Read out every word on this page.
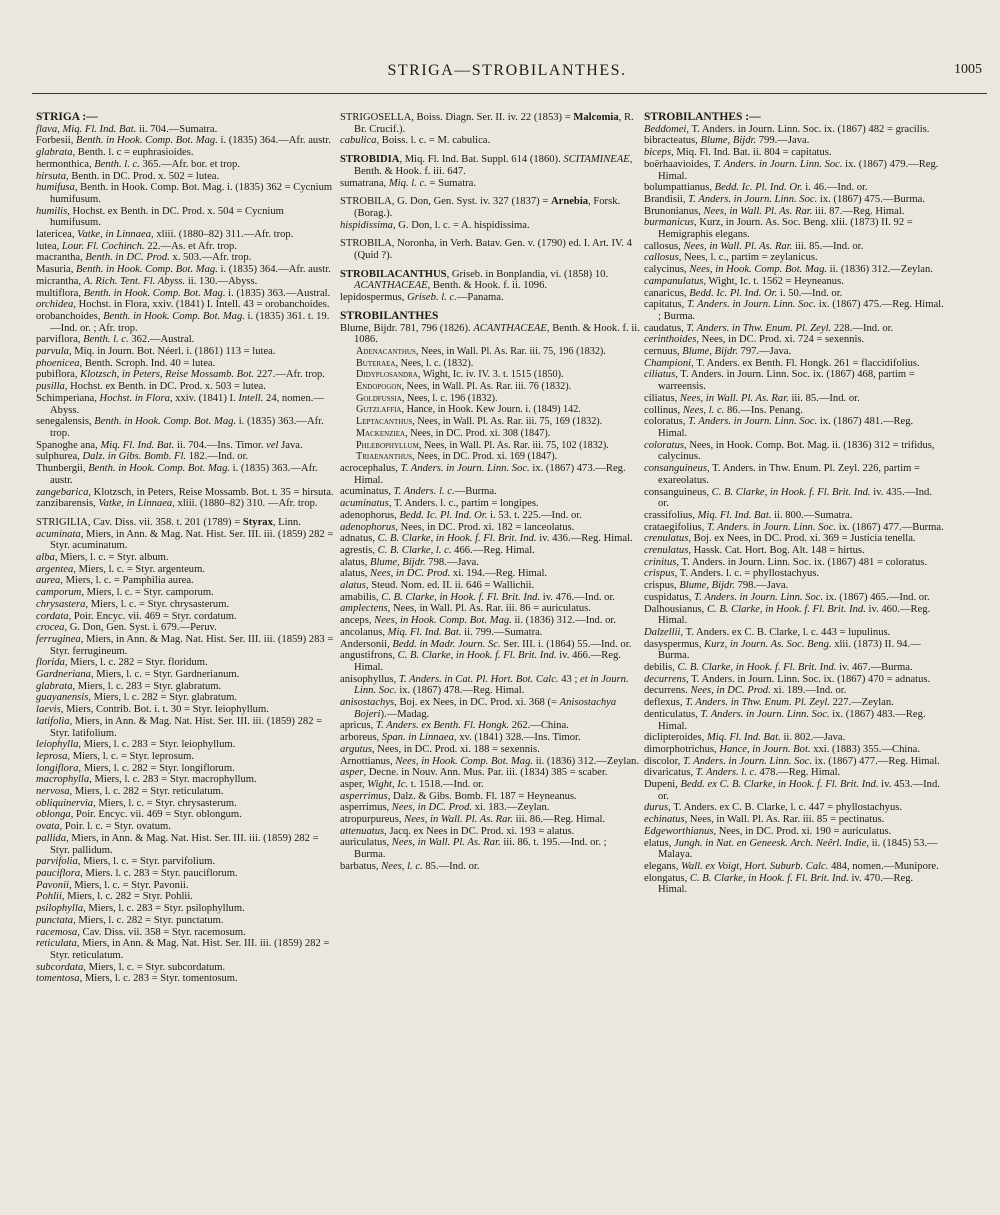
STRIGA—STROBILANTHES.	1005

STRIGA :—

flava, Miq. Fl. Ind. Bat. ii. 704.—Sumatra.

Forbesii, Benth. in Hook. Comp. Bot. Mag. i. (1835) 364.—Afr. austr.

glabrata, Benth. l. c = euphrasioides.

hermonthica, Benth. l. c. 365.—Afr. bor. et trop.

hirsuta, Benth. in DC. Prod. x. 502 = lutea.

humifusa, Benth. in Hook. Comp. Bot. Mag. i. (1835) 362 = Cycnium humifusum.

humilis, Hochst. ex Benth. in DC. Prod. x. 504 = Cycnium humifusum.

latericea, Vatke, in Linnaea, xliii. (1880–82) 311.—Afr. trop.

lutea, Lour. Fl. Cochinch. 22.—As. et Afr. trop.

macrantha, Benth. in DC. Prod. x. 503.—Afr. trop.

Masuria, Benth. in Hook. Comp. Bot. Mag. i. (1835) 364.—Afr. austr.

micrantha, A. Rich. Tent. Fl. Abyss. ii. 130.—Abyss.

multiflora, Benth. in Hook. Comp. Bot. Mag. i. (1835) 363.—Austral.

orchidea, Hochst. in Flora, xxiv. (1841) I. Intell. 43 = orobanchoides.

orobanchoides, Benth. in Hook. Comp. Bot. Mag. i. (1835) 361. t. 19.—Ind. or. ; Afr. trop.

parviflora, Benth. l. c. 362.—Austral.

parvula, Miq. in Journ. Bot. Néerl. i. (1861) 113 = lutea.

phoenicea, Benth. Scroph. Ind. 40 = lutea.

pubiflora, Klotzsch, in Peters, Reise Mossamb. Bot. 227.—Afr. trop.

pusilla, Hochst. ex Benth. in DC. Prod. x. 503 = lutea.

Schimperiana, Hochst. in Flora, xxiv. (1841) I. Intell. 24, nomen.—Abyss.

senegalensis, Benth. in Hook. Comp. Bot. Mag. i. (1835) 363.—Afr. trop.

Spanoghe ana, Miq. Fl. Ind. Bat. ii. 704.—Ins. Timor. vel Java.

sulphurea, Dalz. in Gibs. Bomb. Fl. 182.—Ind. or.

Thunbergii, Benth. in Hook. Comp. Bot. Mag. i. (1835) 363.—Afr. austr.

zangebarica, Klotzsch, in Peters, Reise Mossamb. Bot. t. 35 = hirsuta.

zanzibarensis, Vatke, in Linnaea, xliii. (1880–82) 310. —Afr. trop.

STRIGILIA, Cav. Diss. vii. 358. t. 201 (1789) = Styrax, Linn.

acuminata, Miers, in Ann. & Mag. Nat. Hist. Ser. III. iii. (1859) 282 = Styr. acuminatum.

alba, Miers, l. c. = Styr. album.

argentea, Miers, l. c. = Styr. argenteum.

aurea, Miers, l. c. = Pamphilia aurea.

camporum, Miers, l. c. = Styr. camporum.

chrysastera, Miers, l. c. = Styr. chrysasterum.

cordata, Poir. Encyc. vii. 469 = Styr. cordatum.

crocea, G. Don, Gen. Syst. i. 679.—Peruv.

ferruginea, Miers, in Ann. & Mag. Nat. Hist. Ser. III. iii. (1859) 283 = Styr. ferrugineum.

florida, Miers, l. c. 282 = Styr. floridum.

Gardneriana, Miers, l. c. = Styr. Gardnerianum.

glabrata, Miers, l. c. 283 = Styr. glabratum.

guayanensis, Miers, l. c. 282 = Styr. glabratum.

laevis, Miers, Contrib. Bot. i. t. 30 = Styr. leiophyllum.

latifolia, Miers, in Ann. & Mag. Nat. Hist. Ser. III. iii. (1859) 282 = Styr. latifolium.

leiophylla, Miers, l. c. 283 = Styr. leiophyllum.

leprosa, Miers, l. c. = Styr. leprosum.

longiflora, Miers, l. c. 282 = Styr. longiflorum.

macrophylla, Miers, l. c. 283 = Styr. macrophyllum.

nervosa, Miers, l. c. 282 = Styr. reticulatum.

obliquinervia, Miers, l. c. = Styr. chrysasterum.

oblonga, Poir. Encyc. vii. 469 = Styr. oblongum.

ovata, Poir. l. c. = Styr. ovatum.

pallida, Miers, in Ann. & Mag. Nat. Hist. Ser. III. iii. (1859) 282 = Styr. pallidum.

parvifolia, Miers, l. c. = Styr. parvifolium.

pauciflora, Miers. l. c. 283 = Styr. pauciflorum.

Pavonii, Miers, l. c. = Styr. Pavonii.

Pohlii, Miers, l. c. 282 = Styr. Pohlii.

psilophylla, Miers, l. c. 283 = Styr. psilophyllum.

punctata, Miers, l. c. 282 = Styr. punctatum.

racemosa, Cav. Diss. vii. 358 = Styr. racemosum.

reticulata, Miers, in Ann. & Mag. Nat. Hist. Ser. III. iii. (1859) 282 = Styr. reticulatum.

subcordata, Miers, l. c. = Styr. subcordatum.

tomentosa, Miers, l. c. 283 = Styr. tomentosum.

STRIGOSELLA, Boiss. Diagn. Ser. II. iv. 22 (1853) = Malcomia, R. Br. Crucif.).

cabulica, Boiss. l. c. = M. cabulica.

STROBIDIA, Miq. Fl. Ind. Bat. Suppl. 614 (1860). SCITAMINEAE, Benth. & Hook. f. iii. 647.

sumatrana, Miq. l. c. = Sumatra.

STROBILA, G. Don, Gen. Syst. iv. 327 (1837) = Arnebia, Forsk. (Borag.).

hispidissima, G. Don, l. c. = A. hispidissima.

STROBILA, Noronha, in Verh. Batav. Gen. v. (1790) ed. I. Art. IV. 4 (Quid ?).

STROBILACANTHUS, Griseb. in Bonplandia, vi. (1858) 10. ACANTHACEAE, Benth. & Hook. f. ii. 1096.

lepidospermus, Griseb. l. c.—Panama.

STROBILANTHES

Blume, Bijdr. 781, 796 (1826). ACANTHACEAE, Benth. & Hook. f. ii. 1086.

Adenacanthus, Nees, in Wall. Pl. As. Rar. iii. 75, 196 (1832).

Buteraea, Nees, l. c. (1832).

Didyplosandra, Wight, Ic. iv. IV. 3. t. 1515 (1850).

Endopogon, Nees, in Wall. Pl. As. Rar. iii. 76 (1832).

Goldfussia, Nees, l. c. 196 (1832).

Gutzlaffia, Hance, in Hook. Kew Journ. i. (1849) 142.

Leptacanthus, Nees, in Wall. Pl. As. Rar. iii. 75, 169 (1832).

Mackenziea, Nees, in DC. Prod. xi. 308 (1847).

Phlebophyllum, Nees, in Wall. Pl. As. Rar. iii. 75, 102 (1832).

Triaenanthus, Nees, in DC. Prod. xi. 169 (1847).

acrocephalus, T. Anders. in Journ. Linn. Soc. ix. (1867) 473.—Reg. Himal.

acuminatus, T. Anders. l. c.—Burma.

acuminatus, T. Anders. l. c., partim = longipes.

adenophorus, Bedd. Ic. Pl. Ind. Or. i. 53. t. 225.—Ind. or.

adenophorus, Nees, in DC. Prod. xi. 182 = lanceolatus.

adnatus, C. B. Clarke, in Hook. f. Fl. Brit. Ind. iv. 436.—Reg. Himal.

agrestis, C. B. Clarke, l. c. 466.—Reg. Himal.

alatus, Blume, Bijdr. 798.—Java.

alatus, Nees, in DC. Prod. xi. 194.—Reg. Himal.

alatus, Steud. Nom. ed. II. ii. 646 = Wallichii.

amabilis, C. B. Clarke, in Hook. f. Fl. Brit. Ind. iv. 476.—Ind. or.

amplectens, Nees, in Wall. Pl. As. Rar. iii. 86 = auriculatus.

anceps, Nees, in Hook. Comp. Bot. Mag. ii. (1836) 312.—Ind. or.

ancolanus, Miq. Fl. Ind. Bat. ii. 799.—Sumatra.

Andersonii, Bedd. in Madr. Journ. Sc. Ser. III. i. (1864) 55.—Ind. or.

angustifrons, C. B. Clarke, in Hook. f. Fl. Brit. Ind. iv. 466.—Reg. Himal.

anisophyllus, T. Anders. in Cat. Pl. Hort. Bot. Calc. 43 ; et in Journ. Linn. Soc. ix. (1867) 478.—Reg. Himal.

anisostachys, Boj. ex Nees, in DC. Prod. xi. 368 (= Anisostachya Bojeri).—Madag.

apricus, T. Anders. ex Benth. Fl. Hongk. 262.—China.

arboreus, Span. in Linnaea, xv. (1841) 328.—Ins. Timor.

argutus, Nees, in DC. Prod. xi. 188 = sexennis.

Arnottianus, Nees, in Hook. Comp. Bot. Mag. ii. (1836) 312.—Zeylan.

asper, Decne. in Nouv. Ann. Mus. Par. iii. (1834) 385 = scaber.

asper, Wight, Ic. t. 1518.—Ind. or.

asperrimus, Dalz. & Gibs. Bomb. Fl. 187 = Heyneanus.

asperrimus, Nees, in DC. Prod. xi. 183.—Zeylan.

atropurpureus, Nees, in Wall. Pl. As. Rar. iii. 86.—Reg. Himal.

attenuatus, Jacq. ex Nees in DC. Prod. xi. 193 = alatus.

auriculatus, Nees, in Wall. Pl. As. Rar. iii. 86. t. 195.—Ind. or. ; Burma.

barbatus, Nees, l. c. 85.—Ind. or.

STROBILANTHES :—

Beddomei, T. Anders. in Journ. Linn. Soc. ix. (1867) 482 = gracilis.

bibracteatus, Blume, Bijdr. 799.—Java.

biceps, Miq. Fl. Ind. Bat. ii. 804 = capitatus.

boërhaavioides, T. Anders. in Journ. Linn. Soc. ix. (1867) 479.—Reg. Himal.

bolumpattianus, Bedd. Ic. Pl. Ind. Or. i. 46.—Ind. or.

Brandisii, T. Anders. in Journ. Linn. Soc. ix. (1867) 475.—Burma.

Brunonianus, Nees, in Wall. Pl. As. Rar. iii. 87.—Reg. Himal.

burmanicus, Kurz, in Journ. As. Soc. Beng. xlii. (1873) II. 92 = Hemigraphis elegans.

callosus, Nees, in Wall. Pl. As. Rar. iii. 85.—Ind. or.

callosus, Nees, l. c., partim = zeylanicus.

calycinus, Nees, in Hook. Comp. Bot. Mag. ii. (1836) 312.—Zeylan.

campanulatus, Wight, Ic. t. 1562 = Heyneanus.

canaricus, Bedd. Ic. Pl. Ind. Or. i. 50.—Ind. or.

capitatus, T. Anders. in Journ. Linn. Soc. ix. (1867) 475.—Reg. Himal. ; Burma.

caudatus, T. Anders. in Thw. Enum. Pl. Zeyl. 228.—Ind. or.

cerinthoides, Nees, in DC. Prod. xi. 724 = sexennis.

cernuus, Blume, Bijdr. 797.—Java.

Championi, T. Anders. ex Benth. Fl. Hongk. 261 = flaccidifolius.

ciliatus, T. Anders. in Journ. Linn. Soc. ix. (1867) 468, partim = warreensis.

ciliatus, Nees, in Wall. Pl. As. Rar. iii. 85.—Ind. or.

collinus, Nees, l. c. 86.—Ins. Penang.

coloratus, T. Anders. in Journ. Linn. Soc. ix. (1867) 481.—Reg. Himal.

coloratus, Nees, in Hook. Comp. Bot. Mag. ii. (1836) 312 = trifidus, calycinus.

consanguineus, T. Anders. in Thw. Enum. Pl. Zeyl. 226, partim = exareolatus.

consanguineus, C. B. Clarke, in Hook. f. Fl. Brit. Ind. iv. 435.—Ind. or.

crassifolius, Miq. Fl. Ind. Bat. ii. 800.—Sumatra.

crataegifolius, T. Anders. in Journ. Linn. Soc. ix. (1867) 477.—Burma.

crenulatus, Boj. ex Nees, in DC. Prod. xi. 369 = Justicia tenella.

crenulatus, Hassk. Cat. Hort. Bog. Alt. 148 = hirtus.

crinitus, T. Anders. in Journ. Linn. Soc. ix. (1867) 481 = coloratus.

crispus, T. Anders. l. c. = phyllostachyus.

crispus, Blume, Bijdr. 798.—Java.

cuspidatus, T. Anders. in Journ. Linn. Soc. ix. (1867) 465.—Ind. or.

Dalhousianus, C. B. Clarke, in Hook. f. Fl. Brit. Ind. iv. 460.—Reg. Himal.

Dalzellii, T. Anders. ex C. B. Clarke, l. c. 443 = lupulinus.

dasyspermus, Kurz, in Journ. As. Soc. Beng. xlii. (1873) II. 94.—Burma.

debilis, C. B. Clarke, in Hook. f. Fl. Brit. Ind. iv. 467.—Burma.

decurrens, T. Anders. in Journ. Linn. Soc. ix. (1867) 470 = adnatus.

decurrens. Nees, in DC. Prod. xi. 189.—Ind. or.

deflexus, T. Anders. in Thw. Enum. Pl. Zeyl. 227.—Zeylan.

denticulatus, T. Anders. in Journ. Linn. Soc. ix. (1867) 483.—Reg. Himal.

diclipteroides, Miq. Fl. Ind. Bat. ii. 802.—Java.

dimorphotrichus, Hance, in Journ. Bot. xxi. (1883) 355.—China.

discolor, T. Anders. in Journ. Linn. Soc. ix. (1867) 477.—Reg. Himal.

divaricatus, T. Anders. l. c. 478.—Reg. Himal.

Dupeni, Bedd. ex C. B. Clarke, in Hook. f. Fl. Brit. Ind. iv. 453.—Ind. or.

durus, T. Anders. ex C. B. Clarke, l. c. 447 = phyllostachyus.

echinatus, Nees, in Wall. Pl. As. Rar. iii. 85 = pectinatus.

Edgeworthianus, Nees, in DC. Prod. xi. 190 = auriculatus.

elatus, Jungh. in Nat. en Geneesk. Arch. Neêrl. Indie, ii. (1845) 53.—Malaya.

elegans, Wall. ex Voigt, Hort. Suburb. Calc. 484, nomen.—Munipore.

elongatus, C. B. Clarke, in Hook. f. Fl. Brit. Ind. iv. 470.—Reg. Himal.
